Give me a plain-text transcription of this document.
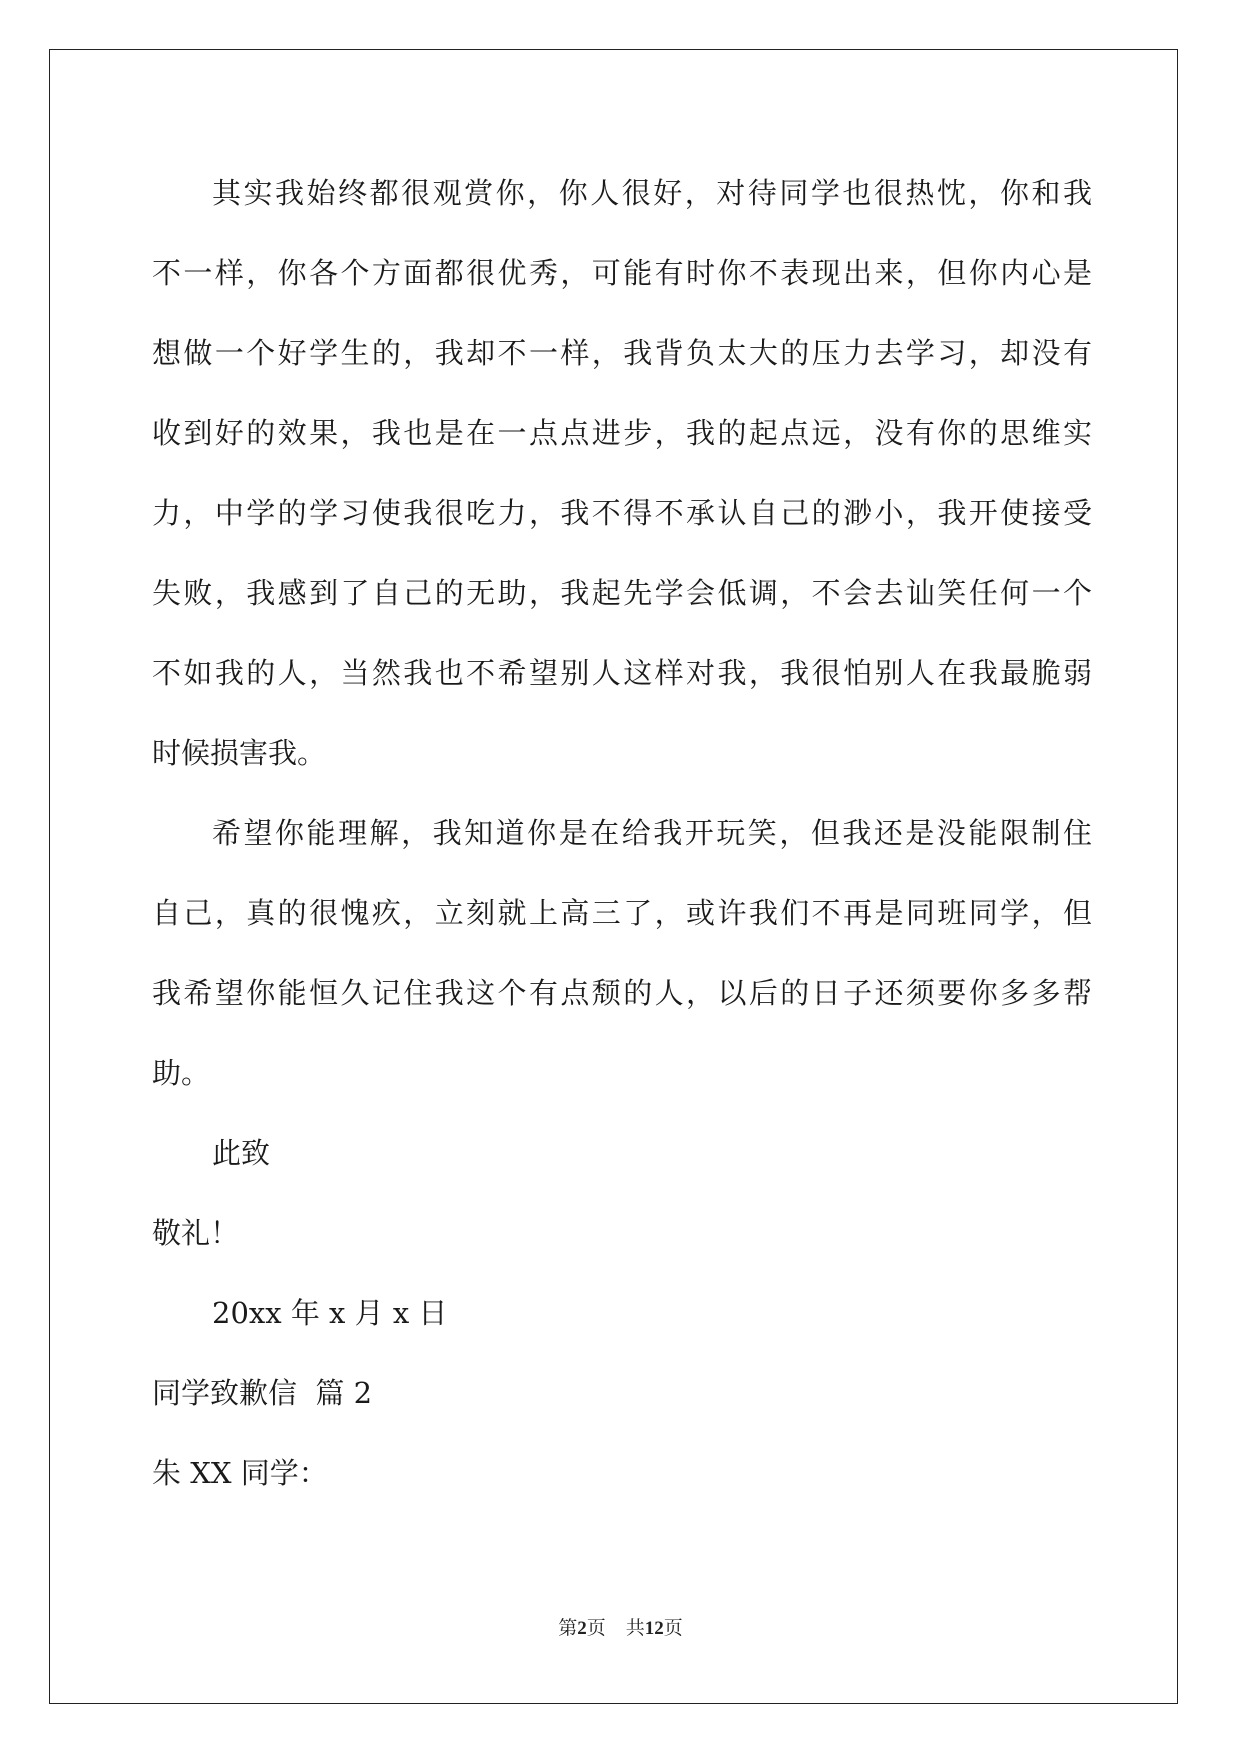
其实我始终都很观赏你，你人很好，对待同学也很热忱，你和我
不一样，你各个方面都很优秀，可能有时你不表现出来，但你内心是
想做一个好学生的，我却不一样，我背负太大的压力去学习，却没有
收到好的效果，我也是在一点点进步，我的起点远，没有你的思维实
力，中学的学习使我很吃力，我不得不承认自己的渺小，我开使接受
失败，我感到了自己的无助，我起先学会低调，不会去讪笑任何一个
不如我的人，当然我也不希望别人这样对我，我很怕别人在我最脆弱
时候损害我。
希望你能理解，我知道你是在给我开玩笑，但我还是没能限制住
自己，真的很愧疚，立刻就上高三了，或许我们不再是同班同学，但
我希望你能恒久记住我这个有点颓的人，以后的日子还须要你多多帮
助。
此致
敬礼！
20xx 年 x 月 x 日
同学致歉信  篇 2
朱 XX 同学：
第2页 共12页
